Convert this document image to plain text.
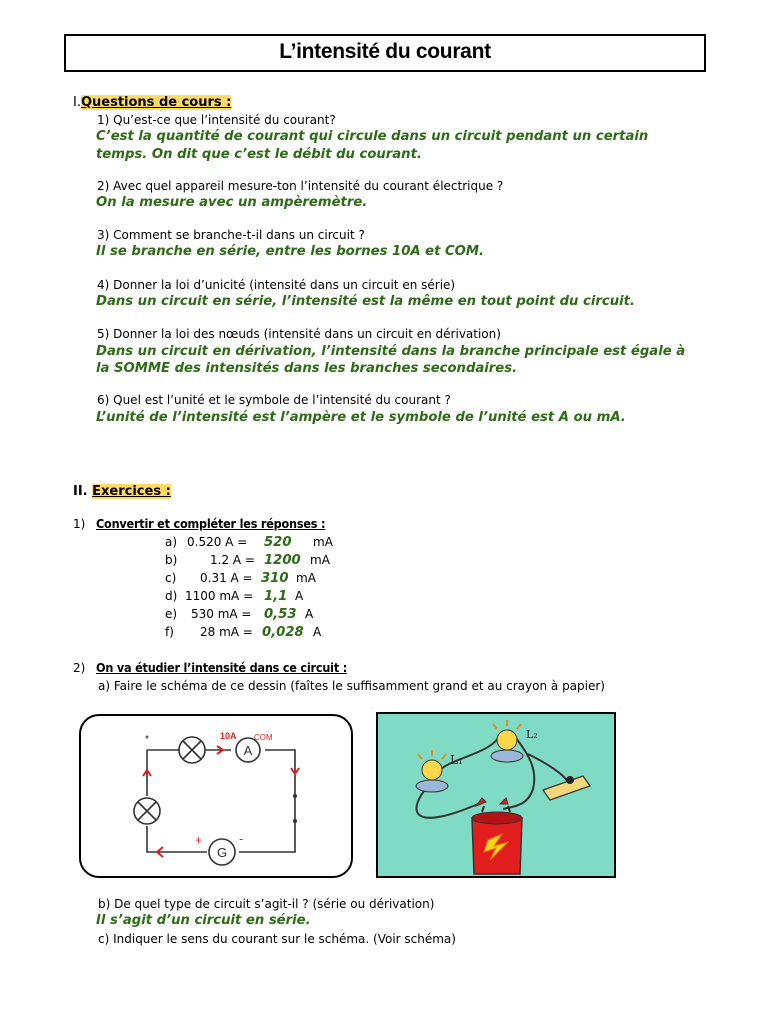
L’intensité du courant
I.Questions de cours :
1) Qu’est-ce que l’intensité du courant?
C’est la quantité de courant qui circule dans un circuit pendant un certain
temps. On dit que c’est le débit du courant.
2) Avec quel appareil mesure-ton l’intensité du courant électrique ?
On la mesure avec un ampèremètre.
3) Comment se branche-t-il dans un circuit ?
Il se branche en série, entre les bornes 10A et COM.
4) Donner la loi d’unicité (intensité dans un circuit en série)
Dans un circuit en série, l’intensité est la même en tout point du circuit.
5) Donner la loi des nœuds (intensité dans un circuit en dérivation)
Dans un circuit en dérivation, l’intensité dans la branche principale est égale à
la SOMME des intensités dans les branches secondaires.
6) Quel est l’unité et le symbole de l’intensité du courant ?
L’unité de l’intensité est l’ampère et le symbole de l’unité est A ou mA.
II. Exercices :
1) Convertir et compléter les réponses :
a) 0.520 A = 520 mA
b)	1.2 A = 1200 mA
c) 0.31 A = 310 mA
d) 1100 mA = 1,1 A
e) 530 mA = 0,53 A
f) 28 mA = 0,028 A
2) On va étudier l’intensité dans ce circuit :
a) Faire le schéma de ce dessin (faîtes le suffisamment grand et au crayon à papier)
A
10A COM
G
+	-
L₁
L₂
b) De quel type de circuit s’agit-il ? (série ou dérivation)
Il s’agit d’un circuit en série.
c) Indiquer le sens du courant sur le schéma. (Voir schéma)
